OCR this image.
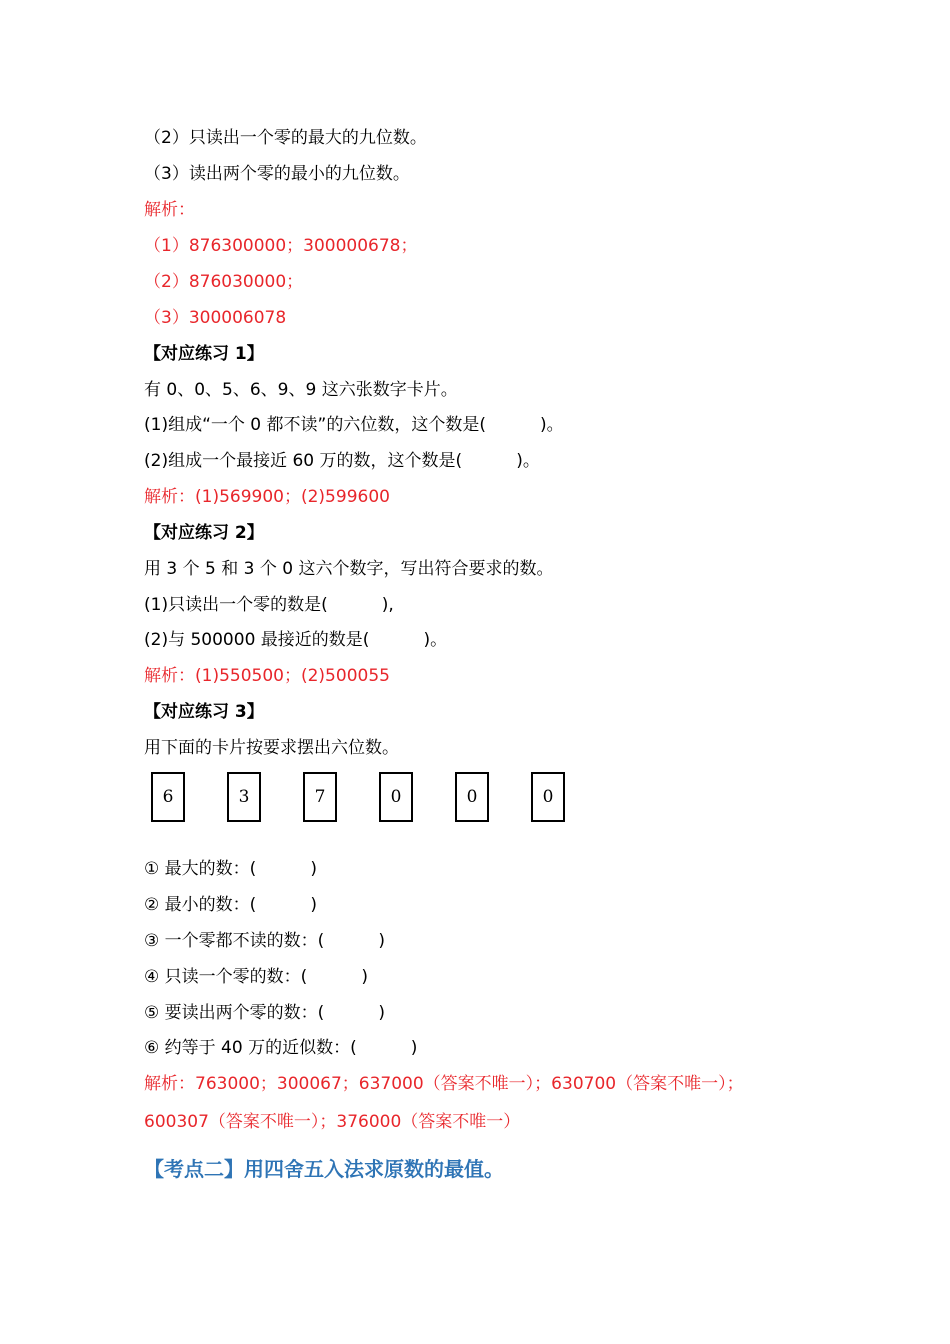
（2）只读出一个零的最大的九位数。
（3）读出两个零的最小的九位数。
解析：
（1）876300000；300000678；
（2）876030000；
（3）300006078
【对应练习 1】
有 0、0、5、6、9、9 这六张数字卡片。
(1)组成“一个 0 都不读”的六位数，这个数是(          )。
(2)组成一个最接近 60 万的数，这个数是(          )。
解析：(1)569900；(2)599600
【对应练习 2】
用 3 个 5 和 3 个 0 这六个数字，写出符合要求的数。
(1)只读出一个零的数是(          ),
(2)与 500000 最接近的数是(          )。
解析：(1)550500；(2)500055
【对应练习 3】
用下面的卡片按要求摆出六位数。
6	3	7	0	0	0
① 最大的数：(          )
② 最小的数：(          )
③ 一个零都不读的数：(          )
④ 只读一个零的数：(          )
⑤ 要读出两个零的数：(          )
⑥ 约等于 40 万的近似数：(          )
解析：763000；300067；637000（答案不唯一）；630700（答案不唯一）；
600307（答案不唯一）；376000（答案不唯一）
【考点二】用四舍五入法求原数的最值。
